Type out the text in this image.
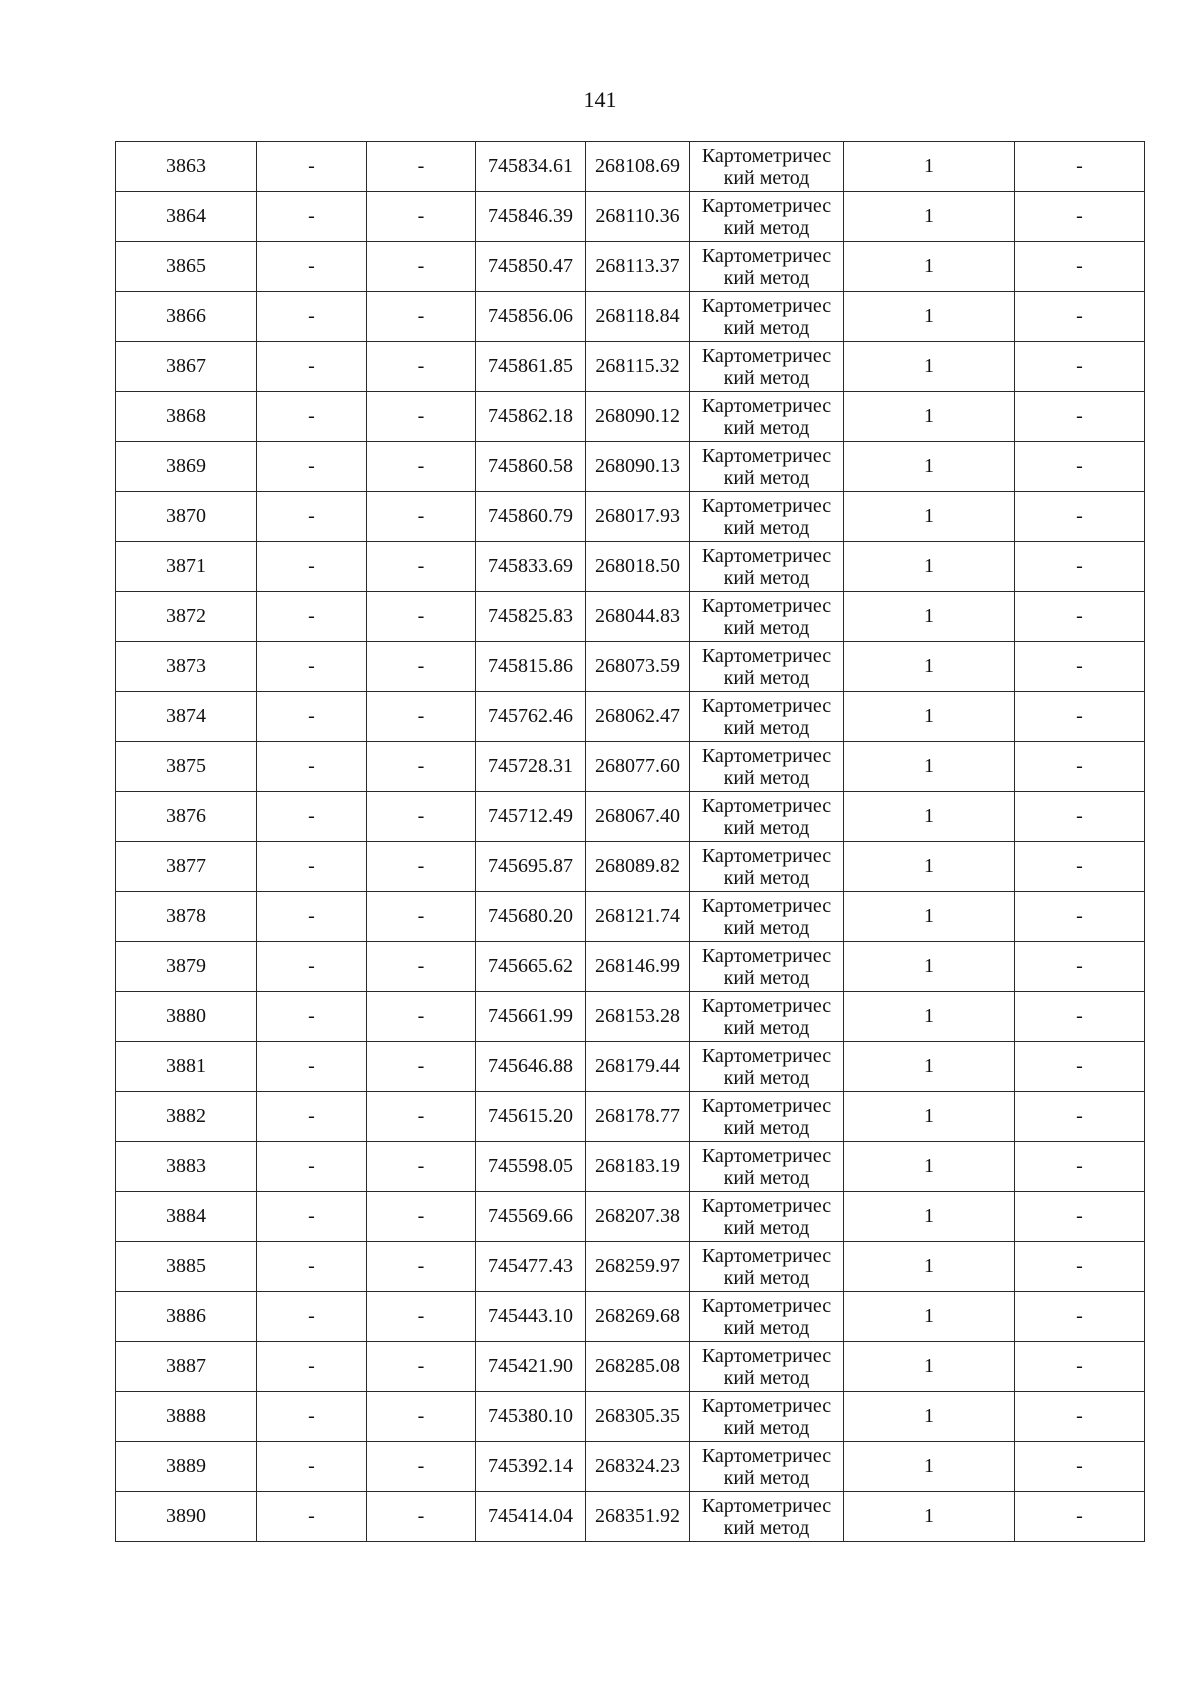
141
3863	-	-	745834.61	268108.69	Картометричес
кий метод	1	-
3864	-	-	745846.39	268110.36	Картометричес
кий метод	1	-
3865	-	-	745850.47	268113.37	Картометричес
кий метод	1	-
3866	-	-	745856.06	268118.84	Картометричес
кий метод	1	-
3867	-	-	745861.85	268115.32	Картометричес
кий метод	1	-
3868	-	-	745862.18	268090.12	Картометричес
кий метод	1	-
3869	-	-	745860.58	268090.13	Картометричес
кий метод	1	-
3870	-	-	745860.79	268017.93	Картометричес
кий метод	1	-
3871	-	-	745833.69	268018.50	Картометричес
кий метод	1	-
3872	-	-	745825.83	268044.83	Картометричес
кий метод	1	-
3873	-	-	745815.86	268073.59	Картометричес
кий метод	1	-
3874	-	-	745762.46	268062.47	Картометричес
кий метод	1	-
3875	-	-	745728.31	268077.60	Картометричес
кий метод	1	-
3876	-	-	745712.49	268067.40	Картометричес
кий метод	1	-
3877	-	-	745695.87	268089.82	Картометричес
кий метод	1	-
3878	-	-	745680.20	268121.74	Картометричес
кий метод	1	-
3879	-	-	745665.62	268146.99	Картометричес
кий метод	1	-
3880	-	-	745661.99	268153.28	Картометричес
кий метод	1	-
3881	-	-	745646.88	268179.44	Картометричес
кий метод	1	-
3882	-	-	745615.20	268178.77	Картометричес
кий метод	1	-
3883	-	-	745598.05	268183.19	Картометричес
кий метод	1	-
3884	-	-	745569.66	268207.38	Картометричес
кий метод	1	-
3885	-	-	745477.43	268259.97	Картометричес
кий метод	1	-
3886	-	-	745443.10	268269.68	Картометричес
кий метод	1	-
3887	-	-	745421.90	268285.08	Картометричес
кий метод	1	-
3888	-	-	745380.10	268305.35	Картометричес
кий метод	1	-
3889	-	-	745392.14	268324.23	Картометричес
кий метод	1	-
3890	-	-	745414.04	268351.92	Картометричес
кий метод	1	-
